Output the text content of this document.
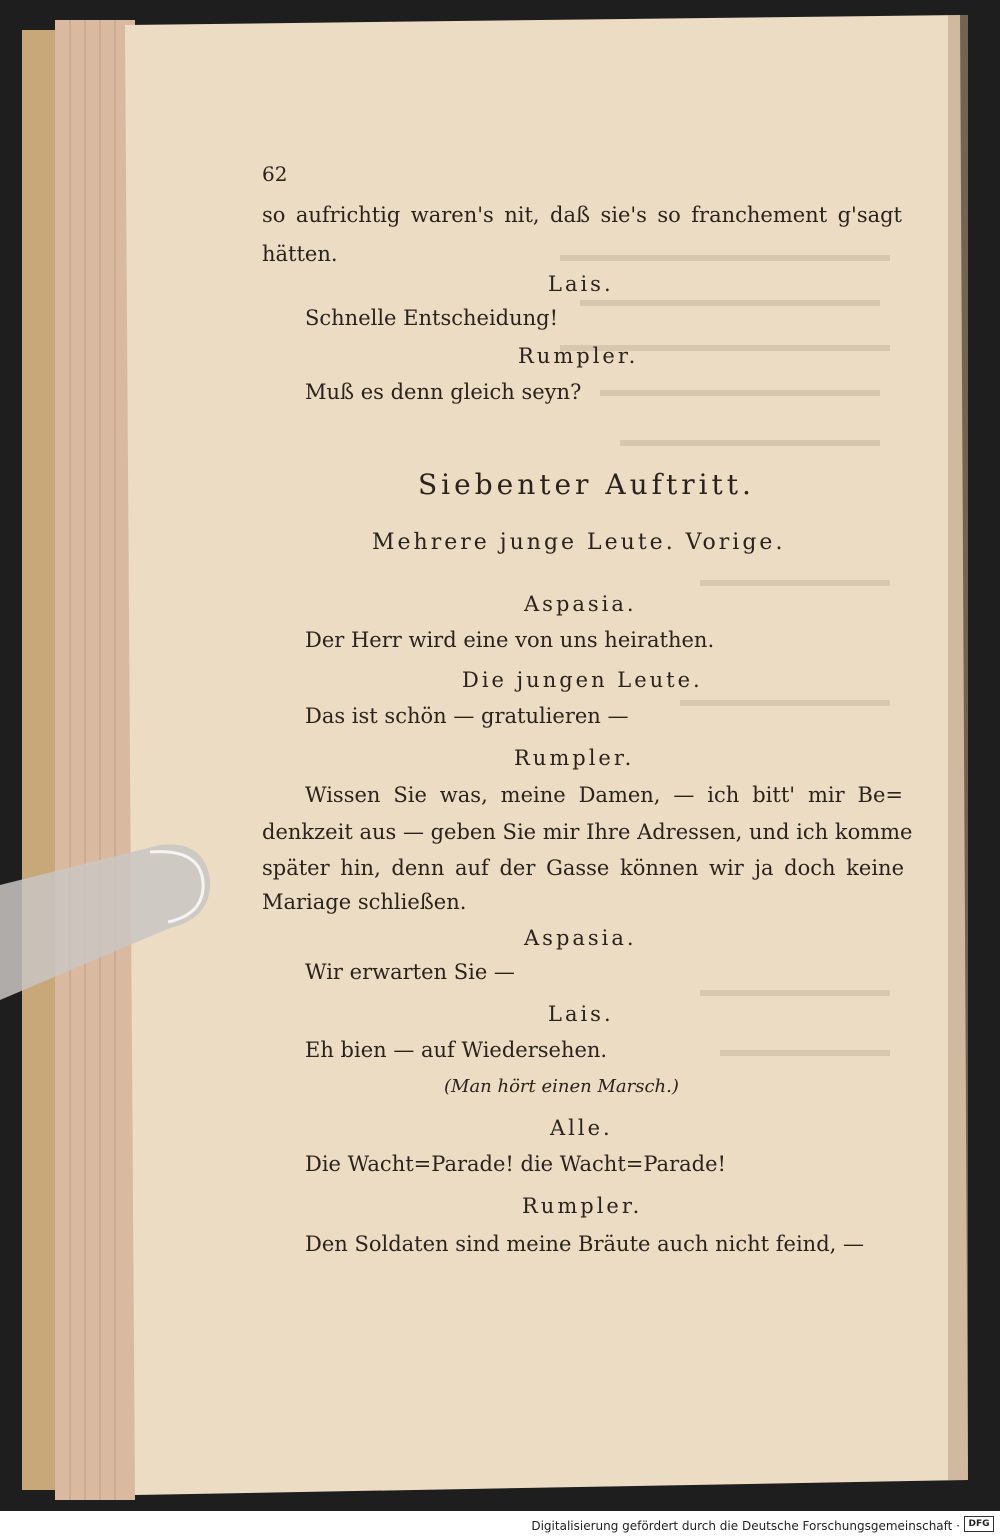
62
so aufrichtig waren's nit, daß sie's so franchement g'sagt
hätten.
Lais.
Schnelle Entscheidung!
Rumpler.
Muß es denn gleich seyn?
Siebenter Auftritt.
Mehrere junge Leute. Vorige.
Aspasia.
Der Herr wird eine von uns heirathen.
Die jungen Leute.
Das ist schön — gratulieren —
Rumpler.
Wissen Sie was, meine Damen, — ich bitt' mir Be=
denkzeit aus — geben Sie mir Ihre Adressen, und ich komme
später hin, denn auf der Gasse können wir ja doch keine
Mariage schließen.
Aspasia.
Wir erwarten Sie —
Lais.
Eh bien — auf Wiedersehen.
(Man hört einen Marsch.)
Alle.
Die Wacht=Parade! die Wacht=Parade!
Rumpler.
Den Soldaten sind meine Bräute auch nicht feind, —
Digitalisierung gefördert durch die Deutsche Forschungsgemeinschaft · DFG
